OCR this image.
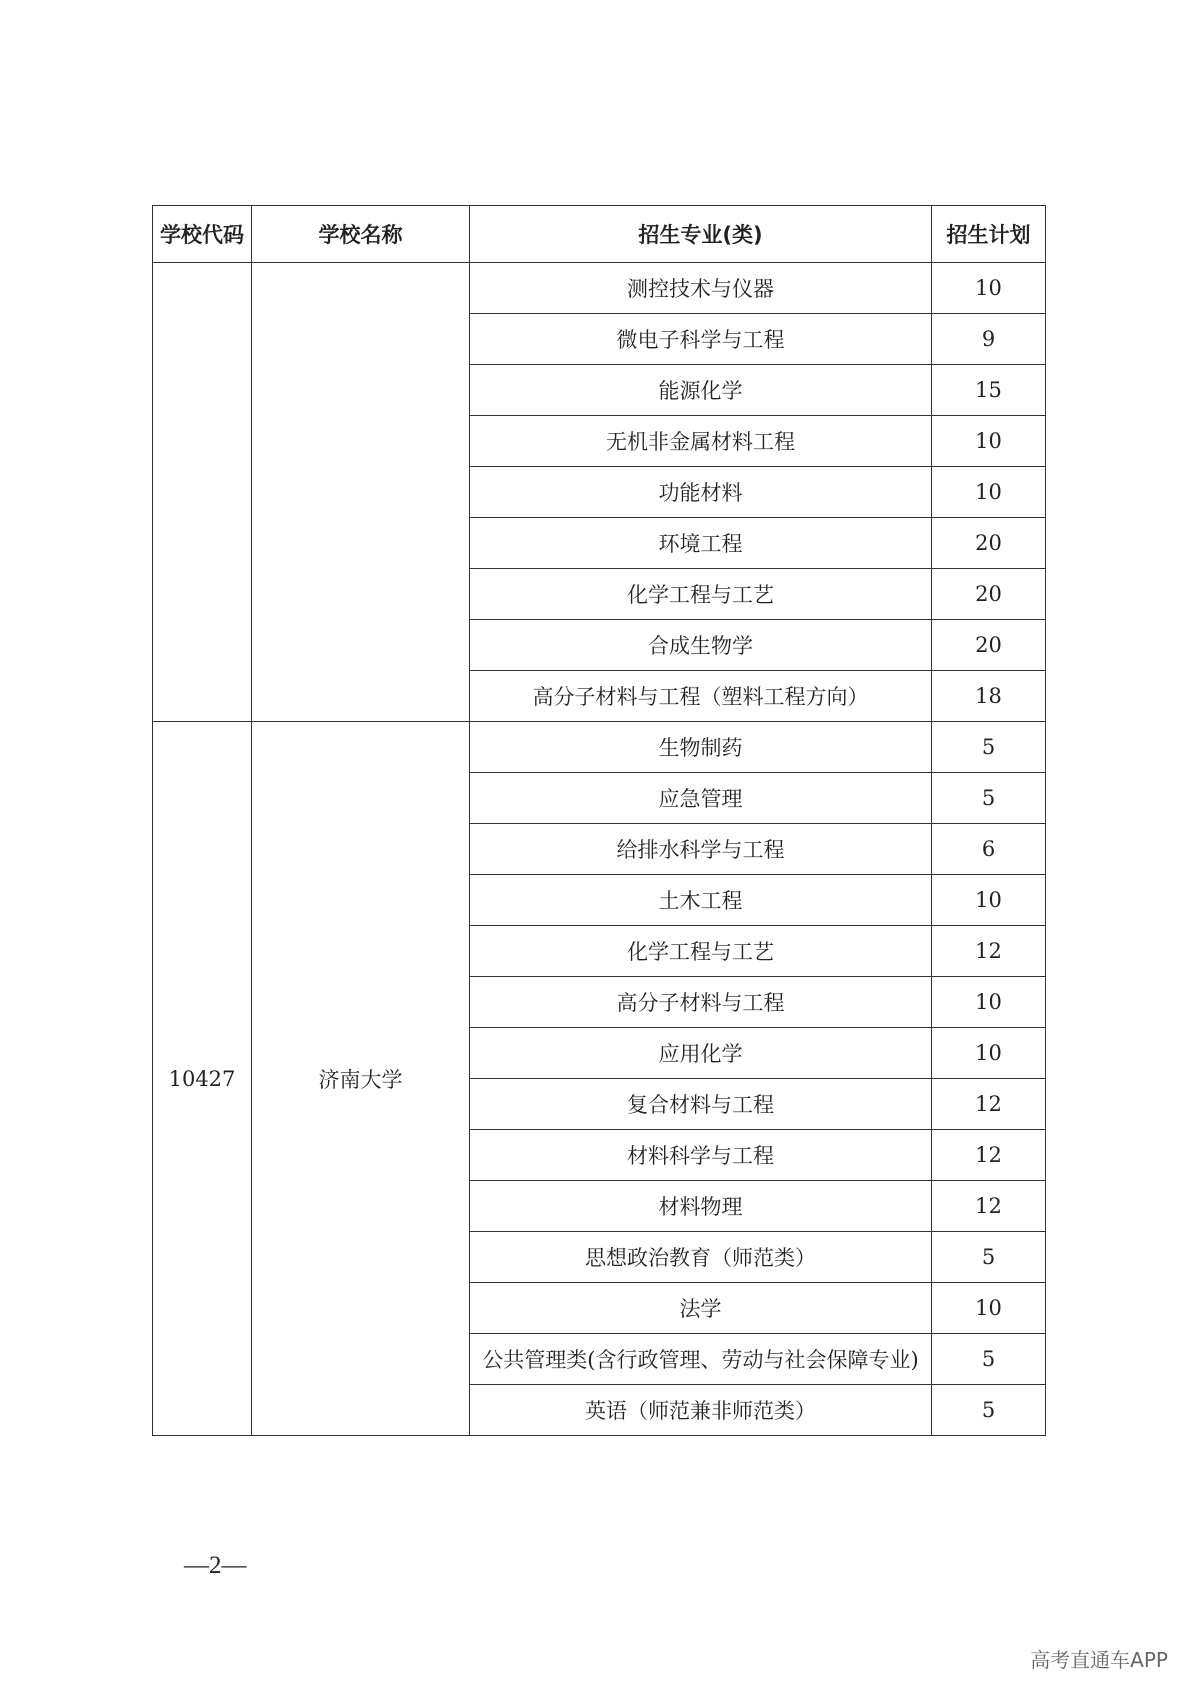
学校代码	学校名称	招生专业(类)	招生计划
		测控技术与仪器	10
		微电子科学与工程	9
		能源化学	15
		无机非金属材料工程	10
		功能材料	10
		环境工程	20
		化学工程与工艺	20
		合成生物学	20
		高分子材料与工程（塑料工程方向）	18
10427	济南大学	生物制药	5
		应急管理	5
		给排水科学与工程	6
		土木工程	10
		化学工程与工艺	12
		高分子材料与工程	10
		应用化学	10
		复合材料与工程	12
		材料科学与工程	12
		材料物理	12
		思想政治教育（师范类）	5
		法学	10
		公共管理类(含行政管理、劳动与社会保障专业)	5
		英语（师范兼非师范类）	5
—2—
高考直通车APP
